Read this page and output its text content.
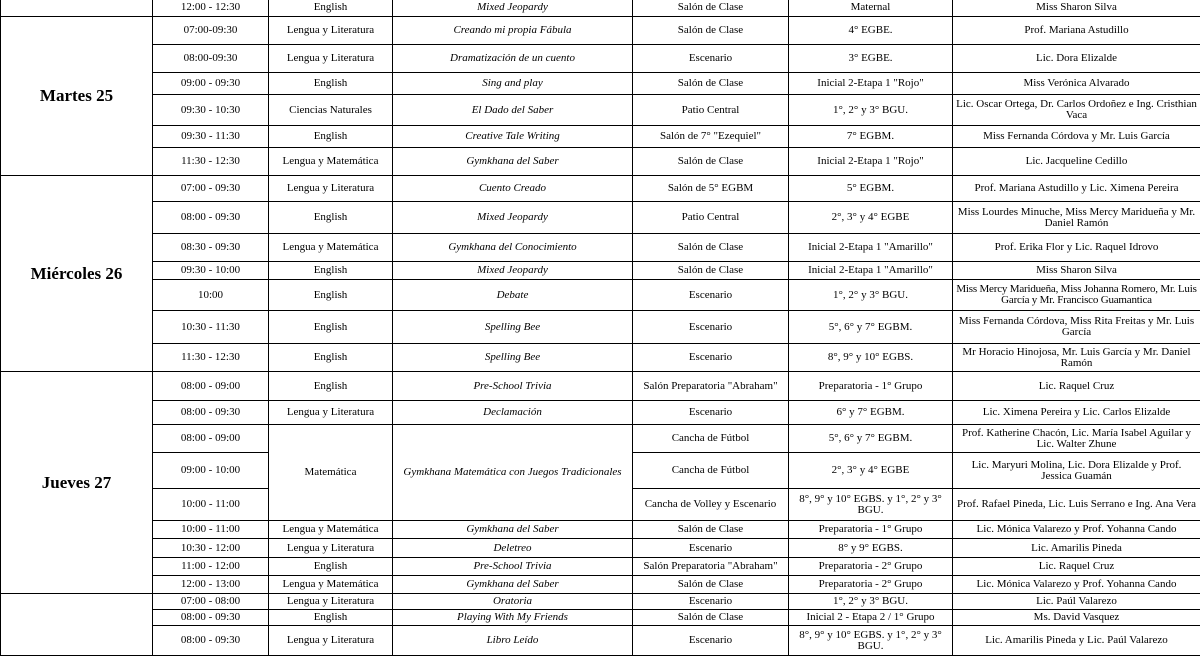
	12:00 - 12:30	English	Mixed Jeopardy	Salón de Clase	Maternal	Miss Sharon Silva
Martes 25	07:00-09:30	Lengua y Literatura	Creando mi propia Fábula	Salón de Clase	4° EGBE.	Prof. Mariana Astudillo
	08:00-09:30	Lengua y Literatura	Dramatización de un cuento	Escenario	3° EGBE.	Lic. Dora Elizalde
	09:00 - 09:30	English	Sing and play	Salón de Clase	Inicial 2-Etapa 1 "Rojo"	Miss Verónica Alvarado
	09:30 - 10:30	Ciencias Naturales	El Dado del Saber	Patio Central	1°, 2° y 3° BGU.	Lic. Oscar Ortega, Dr. Carlos Ordoñez e Ing. Cristhian Vaca
	09:30 - 11:30	English	Creative Tale Writing	Salón de 7° "Ezequiel"	7° EGBM.	Miss Fernanda Córdova y Mr. Luis García
	11:30 - 12:30	Lengua y Matemática	Gymkhana del Saber	Salón de Clase	Inicial 2-Etapa 1 "Rojo"	Lic. Jacqueline Cedillo
Miércoles 26	07:00 - 09:30	Lengua y Literatura	Cuento Creado	Salón de 5° EGBM	5° EGBM.	Prof. Mariana Astudillo y Lic. Ximena Pereira
	08:00 - 09:30	English	Mixed Jeopardy	Patio Central	2°, 3° y 4° EGBE	Miss Lourdes Minuche, Miss Mercy Maridueña y Mr. Daniel Ramón
	08:30 - 09:30	Lengua y Matemática	Gymkhana del Conocimiento	Salón de Clase	Inicial 2-Etapa 1 "Amarillo"	Prof. Erika Flor y Lic. Raquel Idrovo
	09:30 - 10:00	English	Mixed Jeopardy	Salón de Clase	Inicial 2-Etapa 1 "Amarillo"	Miss Sharon Silva
	10:00	English	Debate	Escenario	1°, 2° y 3° BGU.	Miss Mercy Maridueña, Miss Johanna Romero, Mr. Luis García y Mr. Francisco Guamantica
	10:30 - 11:30	English	Spelling Bee	Escenario	5°, 6° y 7° EGBM.	Miss Fernanda Córdova, Miss Rita Freitas y Mr. Luis García
	11:30 - 12:30	English	Spelling Bee	Escenario	8°, 9° y 10° EGBS.	Mr Horacio Hinojosa, Mr. Luis García y Mr. Daniel Ramón
Jueves 27	08:00 - 09:00	English	Pre-School Trivia	Salón Preparatoria "Abraham"	Preparatoria - 1° Grupo	Lic. Raquel Cruz
	08:00 - 09:30	Lengua y Literatura	Declamación	Escenario	6° y 7° EGBM.	Lic. Ximena Pereira y Lic. Carlos Elizalde
	08:00 - 09:00	Matemática	Gymkhana Matemática con Juegos Tradicionales	Cancha de Fútbol	5°, 6° y 7° EGBM.	Prof. Katherine Chacón, Lic. María Isabel Aguilar y Lic. Walter Zhune
	09:00 - 10:00			Cancha de Fútbol	2°, 3° y 4° EGBE	Lic. Maryuri Molina, Lic. Dora Elizalde y Prof. Jessica Guamán
	10:00 - 11:00			Cancha de Volley y Escenario	8°, 9° y 10° EGBS. y 1°, 2° y 3° BGU.	Prof. Rafael Pineda, Lic. Luis Serrano e Ing. Ana Vera
	10:00 - 11:00	Lengua y Matemática	Gymkhana del Saber	Salón de Clase	Preparatoria - 1° Grupo	Lic. Mónica Valarezo y Prof. Yohanna Cando
	10:30 - 12:00	Lengua y Literatura	Deletreo	Escenario	8° y 9° EGBS.	Lic. Amarilis Pineda
	11:00 - 12:00	English	Pre-School Trivia	Salón Preparatoria "Abraham"	Preparatoria - 2° Grupo	Lic. Raquel Cruz
	12:00 - 13:00	Lengua y Matemática	Gymkhana del Saber	Salón de Clase	Preparatoria - 2° Grupo	Lic. Mónica Valarezo y Prof. Yohanna Cando
	07:00 - 08:00	Lengua y Literatura	Oratoria	Escenario	1°, 2° y 3° BGU.	Lic. Paúl Valarezo
	08:00 - 09:30	English	Playing With My Friends	Salón de Clase	Inicial 2 - Etapa 2 / 1° Grupo	Ms. David Vasquez
	08:00 - 09:30	Lengua y Literatura	Libro Leído	Escenario	8°, 9° y 10° EGBS. y 1°, 2° y 3° BGU.	Lic. Amarilis Pineda y Lic. Paúl Valarezo
